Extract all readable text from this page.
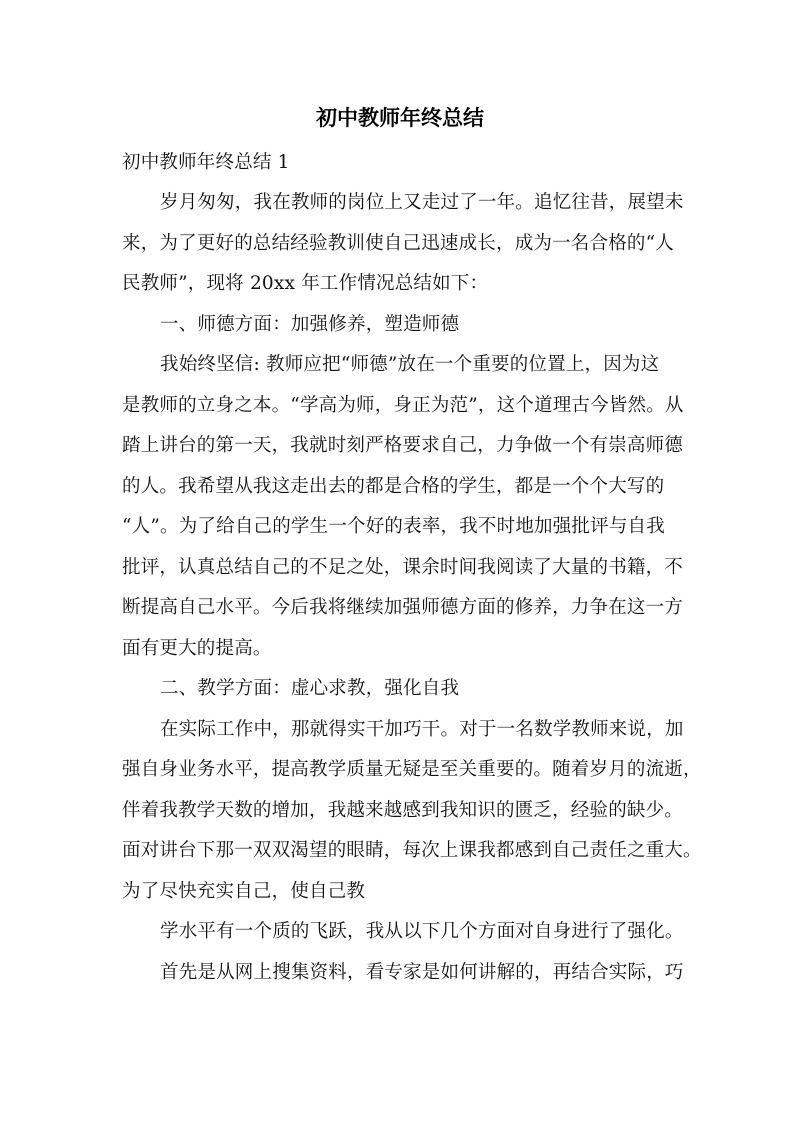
初中教师年终总结

初中教师年终总结 1

岁月匆匆，我在教师的岗位上又走过了一年。追忆往昔，展望未

来，为了更好的总结经验教训使自己迅速成长，成为一名合格的“人

民教师”，现将 20xx 年工作情况总结如下：

一、师德方面：加强修养，塑造师德

我始终坚信: 教师应把“师德”放在一个重要的位置上，因为这

是教师的立身之本。“学高为师，身正为范”，这个道理古今皆然。从

踏上讲台的第一天，我就时刻严格要求自己，力争做一个有崇高师德

的人。我希望从我这走出去的都是合格的学生，都是一个个大写的

“人”。为了给自己的学生一个好的表率，我不时地加强批评与自我

批评，认真总结自己的不足之处，课余时间我阅读了大量的书籍，不

断提高自己水平。今后我将继续加强师德方面的修养，力争在这一方

面有更大的提高。

二、教学方面：虚心求教，强化自我

在实际工作中，那就得实干加巧干。对于一名数学教师来说，加

强自身业务水平，提高教学质量无疑是至关重要的。随着岁月的流逝，

伴着我教学天数的增加，我越来越感到我知识的匮乏，经验的缺少。

面对讲台下那一双双渴望的眼睛，每次上课我都感到自己责任之重大。

为了尽快充实自己，使自己教

学水平有一个质的飞跃，我从以下几个方面对自身进行了强化。

首先是从网上搜集资料，看专家是如何讲解的，再结合实际，巧
